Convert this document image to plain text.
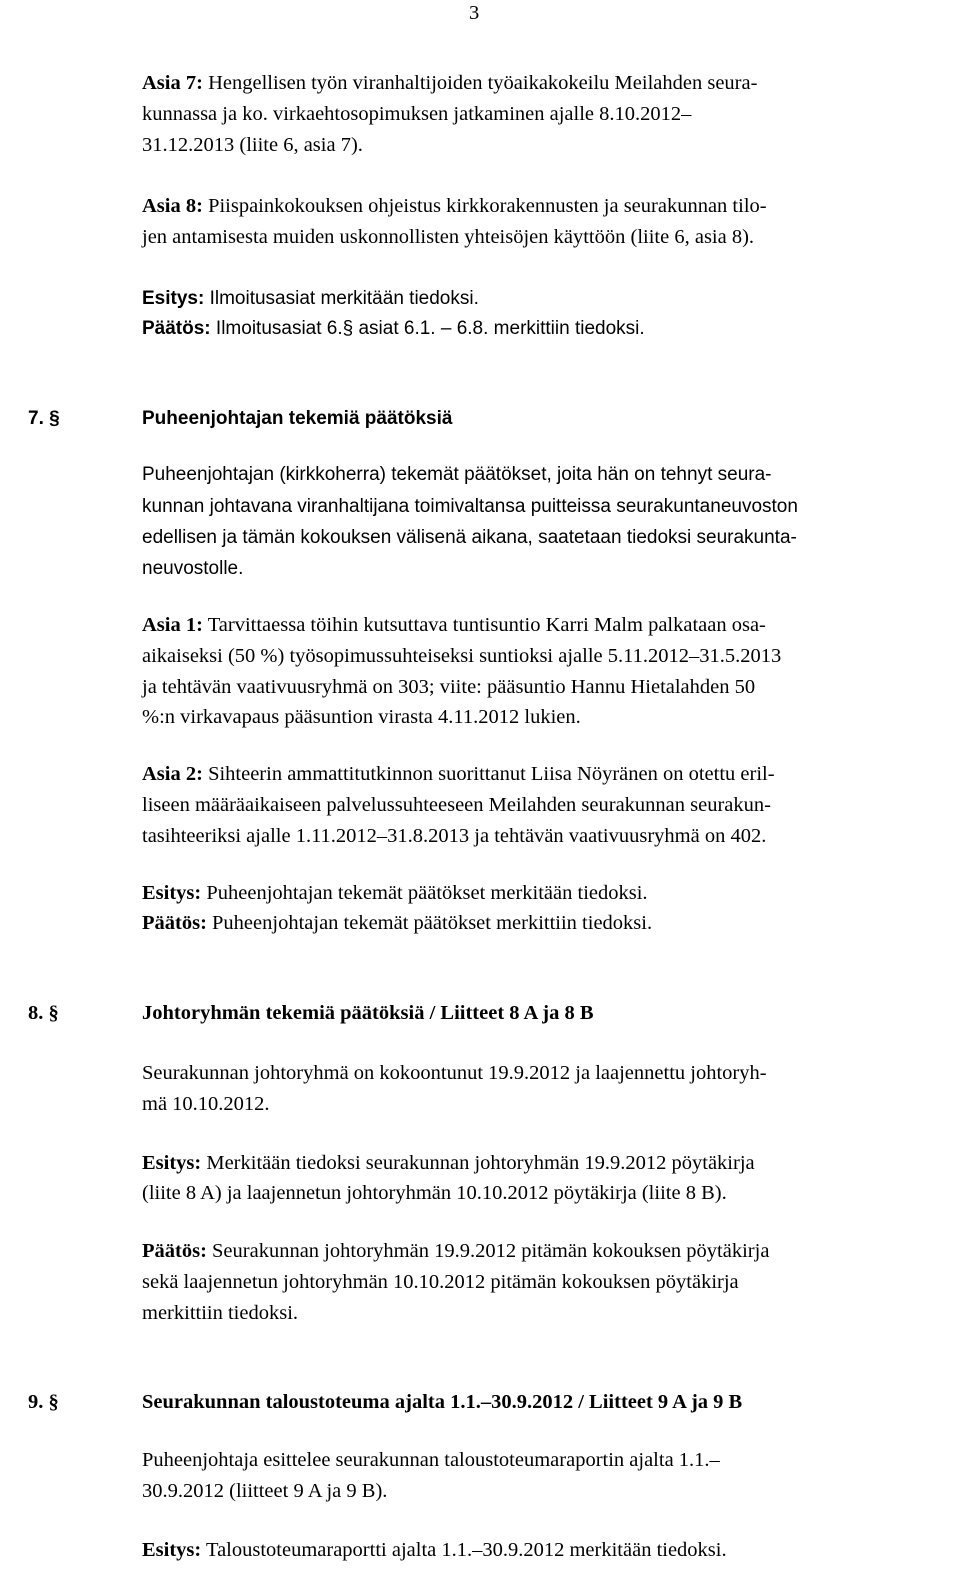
3
Asia 7: Hengellisen työn viranhaltijoiden työaikakokeilu Meilahden seura-
kunnassa ja ko. virkaehtosopimuksen jatkaminen ajalle 8.10.2012–
31.12.2013 (liite 6, asia 7).
Asia 8: Piispainkokouksen ohjeistus kirkkorakennusten ja seurakunnan tilo-
jen antamisesta muiden uskonnollisten yhteisöjen käyttöön (liite 6, asia 8).
Esitys: Ilmoitusasiat merkitään tiedoksi.
Päätös: Ilmoitusasiat 6.§ asiat 6.1. – 6.8. merkittiin tiedoksi.
7. §	Puheenjohtajan tekemiä päätöksiä
Puheenjohtajan (kirkkoherra) tekemät päätökset, joita hän on tehnyt seura-
kunnan johtavana viranhaltijana toimivaltansa puitteissa seurakuntaneuvoston
edellisen ja tämän kokouksen välisenä aikana, saatetaan tiedoksi seurakunta-
neuvostolle.
Asia 1: Tarvittaessa töihin kutsuttava tuntisuntio Karri Malm palkataan osa-
aikaiseksi (50 %) työsopimussuhteiseksi suntioksi ajalle 5.11.2012–31.5.2013
ja tehtävän vaativuusryhmä on 303; viite: pääsuntio Hannu Hietalahden 50
%:n virkavapaus pääsuntion virasta 4.11.2012 lukien.
Asia 2: Sihteerin ammattitutkinnon suorittanut Liisa Nöyränen on otettu eril-
liseen määräaikaiseen palvelussuhteeseen Meilahden seurakunnan seurakun-
tasihteeriksi ajalle 1.11.2012–31.8.2013 ja tehtävän vaativuusryhmä on 402.
Esitys: Puheenjohtajan tekemät päätökset merkitään tiedoksi.
Päätös: Puheenjohtajan tekemät päätökset merkittiin tiedoksi.
8. §	Johtoryhmän tekemiä päätöksiä / Liitteet 8 A ja 8 B
Seurakunnan johtoryhmä on kokoontunut 19.9.2012 ja laajennettu johtoryh-
mä 10.10.2012.
Esitys: Merkitään tiedoksi seurakunnan johtoryhmän 19.9.2012 pöytäkirja
(liite 8 A) ja laajennetun johtoryhmän 10.10.2012 pöytäkirja (liite 8 B).
Päätös: Seurakunnan johtoryhmän 19.9.2012 pitämän kokouksen pöytäkirja
sekä laajennetun johtoryhmän 10.10.2012 pitämän kokouksen pöytäkirja
merkittiin tiedoksi.
9. §	Seurakunnan taloustoteuma ajalta 1.1.–30.9.2012 / Liitteet 9 A ja 9 B
Puheenjohtaja esittelee seurakunnan taloustoteumaraportin ajalta 1.1.–
30.9.2012 (liitteet 9 A ja 9 B).
Esitys: Taloustoteumaraportti ajalta 1.1.–30.9.2012 merkitään tiedoksi.
